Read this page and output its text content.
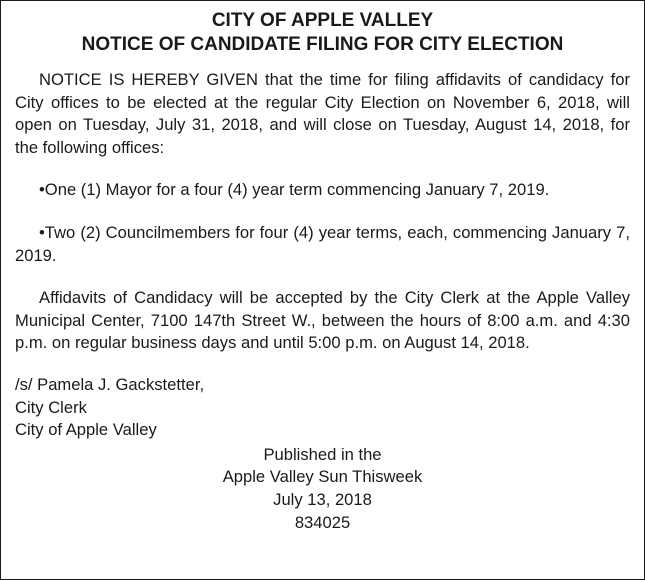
CITY OF APPLE VALLEY
NOTICE OF CANDIDATE FILING FOR CITY ELECTION

NOTICE IS HEREBY GIVEN that the time for filing affidavits of candidacy for City offices to be elected at the regular City Election on November 6, 2018, will open on Tuesday, July 31, 2018, and will close on Tuesday, August 14, 2018, for the following offices:

•One (1) Mayor for a four (4) year term commencing January 7, 2019.

•Two (2) Councilmembers for four (4) year terms, each, commencing January 7, 2019.

Affidavits of Candidacy will be accepted by the City Clerk at the Apple Valley Municipal Center, 7100 147th Street W., between the hours of 8:00 a.m. and 4:30 p.m. on regular business days and until 5:00 p.m. on August 14, 2018.

/s/ Pamela J. Gackstetter,
City Clerk
City of Apple Valley
Published in the
Apple Valley Sun Thisweek
July 13, 2018
834025
